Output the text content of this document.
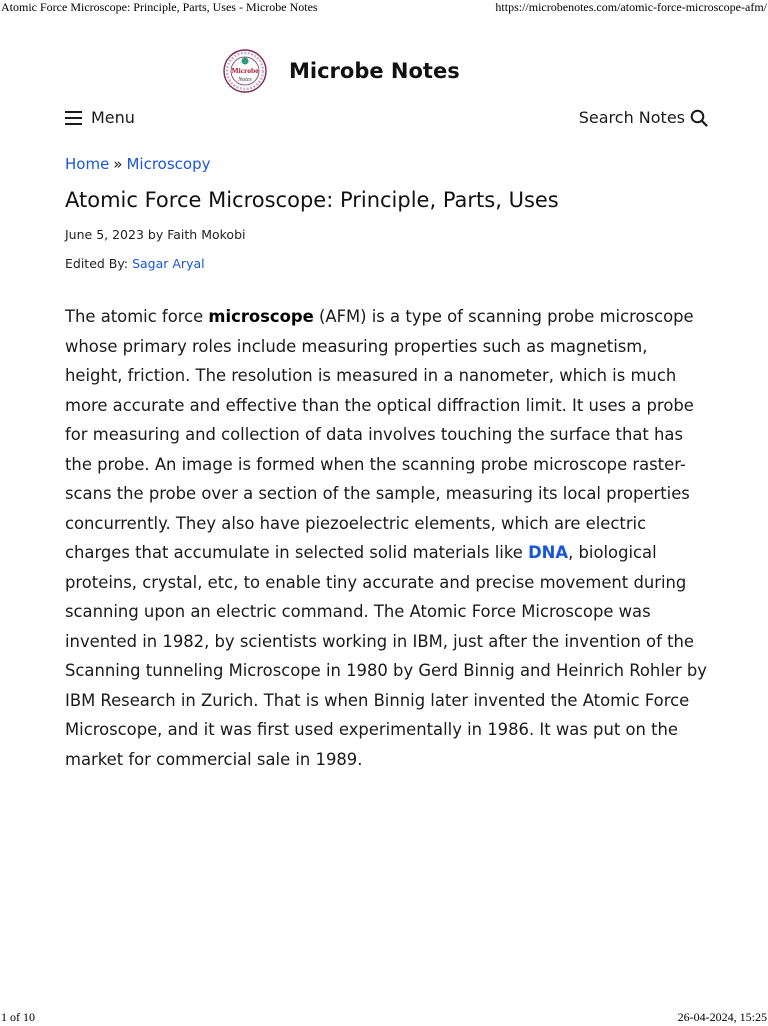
Atomic Force Microscope: Principle, Parts, Uses - Microbe Notes	https://microbenotes.com/atomic-force-microscope-afm/
Microbe
Notes Microbe Notes
Menu	Search Notes
Home » Microscopy
Atomic Force Microscope: Principle, Parts, Uses
June 5, 2023 by Faith Mokobi
Edited By: Sagar Aryal

The atomic force microscope (AFM) is a type of scanning probe microscope whose primary roles include measuring properties such as magnetism, height, friction. The resolution is measured in a nanometer, which is much more accurate and effective than the optical diffraction limit. It uses a probe for measuring and collection of data involves touching the surface that has the probe. An image is formed when the scanning probe microscope raster-scans the probe over a section of the sample, measuring its local properties concurrently. They also have piezoelectric elements, which are electric charges that accumulate in selected solid materials like DNA, biological proteins, crystal, etc, to enable tiny accurate and precise movement during scanning upon an electric command. The Atomic Force Microscope was invented in 1982, by scientists working in IBM, just after the invention of the Scanning tunneling Microscope in 1980 by Gerd Binnig and Heinrich Rohler by IBM Research in Zurich. That is when Binnig later invented the Atomic Force Microscope, and it was first used experimentally in 1986. It was put on the market for commercial sale in 1989.

1 of 10	26-04-2024, 15:25
